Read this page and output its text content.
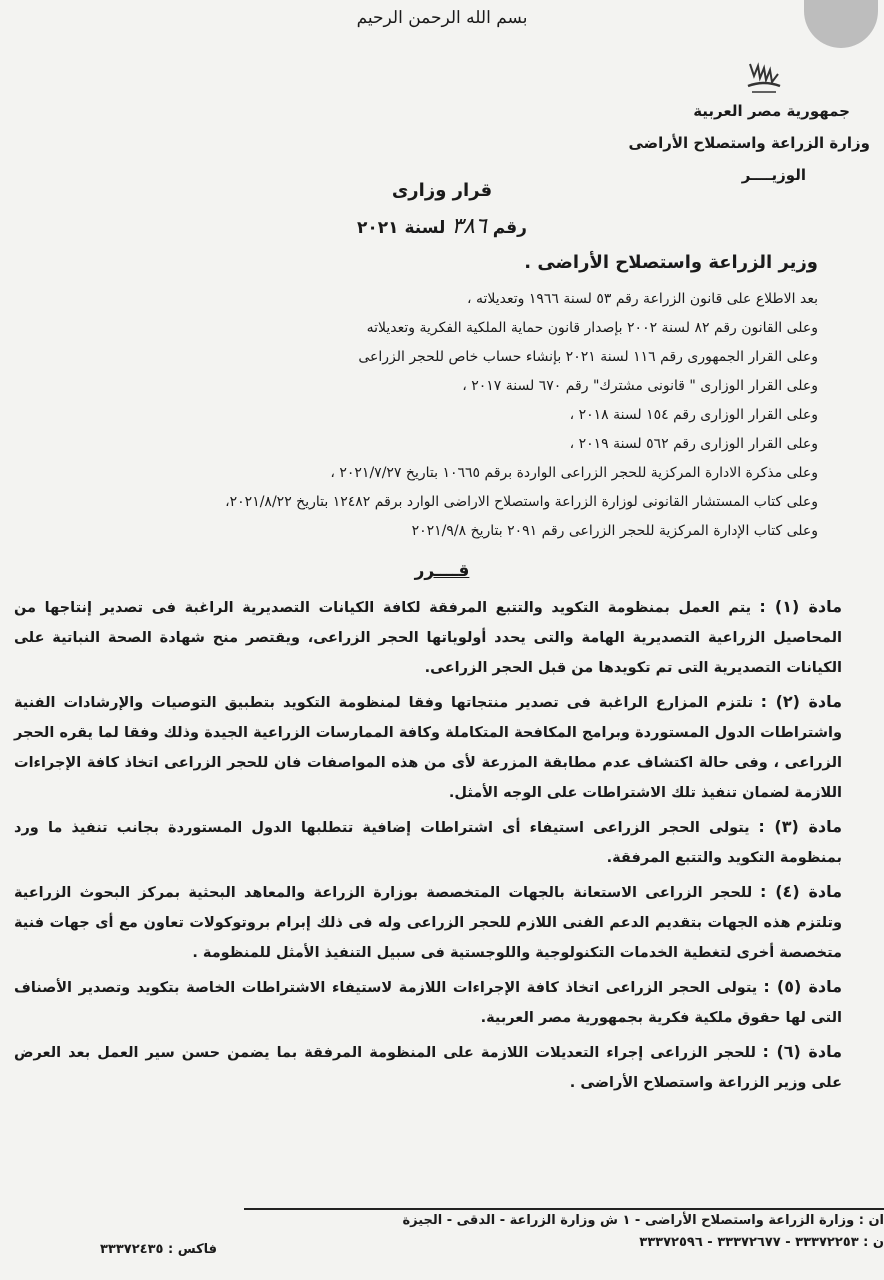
بسم الله الرحمن الرحيم
جمهورية مصر العربية
وزارة الزراعة واستصلاح الأراضى
الوزيــــر
قرار وزارى
رقم ٣٨٦ لسنة ٢٠٢١
وزير الزراعة واستصلاح الأراضى .
بعد الاطلاع على قانون الزراعة رقم ٥٣ لسنة ١٩٦٦ وتعديلاته ،
وعلى القانون رقم ٨٢ لسنة ٢٠٠٢ بإصدار قانون حماية الملكية الفكرية وتعديلاته
وعلى القرار الجمهورى رقم ١١٦ لسنة ٢٠٢١ بإنشاء حساب خاص للحجر الزراعى
وعلى القرار الوزارى " قانونى مشترك" رقم ٦٧٠ لسنة ٢٠١٧ ،
وعلى القرار الوزارى رقم ١٥٤ لسنة ٢٠١٨ ،
وعلى القرار الوزارى رقم ٥٦٢ لسنة ٢٠١٩ ،
وعلى مذكرة الادارة المركزية للحجر الزراعى الواردة برقم ١٠٦٦٥ بتاريخ ٢٠٢١/٧/٢٧ ،
وعلى كتاب المستشار القانونى لوزارة الزراعة واستصلاح الاراضى الوارد برقم ١٢٤٨٢ بتاريخ ٢٠٢١/٨/٢٢،
وعلى كتاب الإدارة المركزية للحجر الزراعى رقم ٢٠٩١ بتاريخ ٢٠٢١/٩/٨
قــــرر
مادة (١) : يتم العمل بمنظومة التكويد والتتبع المرفقة لكافة الكيانات التصديرية الراغبة فى تصدير إنتاجها من المحاصيل الزراعية التصديرية الهامة والتى يحدد أولوياتها الحجر الزراعى، ويقتصر منح شهادة الصحة النباتية على الكيانات التصديرية التى تم تكويدها من قبل الحجر الزراعى.
مادة (٢) : تلتزم المزارع الراغبة فى تصدير منتجاتها وفقا لمنظومة التكويد بتطبيق التوصيات والإرشادات الفنية واشتراطات الدول المستوردة وبرامج المكافحة المتكاملة وكافة الممارسات الزراعية الجيدة وذلك وفقا لما يقره الحجر الزراعى ، وفى حالة اكتشاف عدم مطابقة المزرعة لأى من هذه المواصفات فان للحجر الزراعى اتخاذ كافة الإجراءات اللازمة لضمان تنفيذ تلك الاشتراطات على الوجه الأمثل.
مادة (٣) : يتولى الحجر الزراعى استيفاء أى اشتراطات إضافية تتطلبها الدول المستوردة بجانب تنفيذ ما ورد بمنظومة التكويد والتتبع المرفقة.
مادة (٤) : للحجر الزراعى الاستعانة بالجهات المتخصصة بوزارة الزراعة والمعاهد البحثية بمركز البحوث الزراعية وتلتزم هذه الجهات بتقديم الدعم الفنى اللازم للحجر الزراعى وله فى ذلك إبرام بروتوكولات تعاون مع أى جهات فنية متخصصة أخرى لتغطية الخدمات التكنولوجية واللوجستية فى سبيل التنفيذ الأمثل للمنظومة .
مادة (٥) : يتولى الحجر الزراعى اتخاذ كافة الإجراءات اللازمة لاستيفاء الاشتراطات الخاصة بتكويد وتصدير الأصناف التى لها حقوق ملكية فكرية بجمهورية مصر العربية.
مادة (٦) : للحجر الزراعى إجراء التعديلات اللازمة على المنظومة المرفقة بما يضمن حسن سير العمل بعد العرض على وزير الزراعة واستصلاح الأراضى .
ان : وزارة الزراعة واستصلاح الأراضى - ١ ش وزارة الزراعة - الدقى - الجيزة
ن : ٣٣٣٧٢٢٥٣ - ٣٣٣٧٢٦٧٧ - ٣٣٣٧٢٥٩٦
فاكس : ٣٣٣٧٢٤٣٥
